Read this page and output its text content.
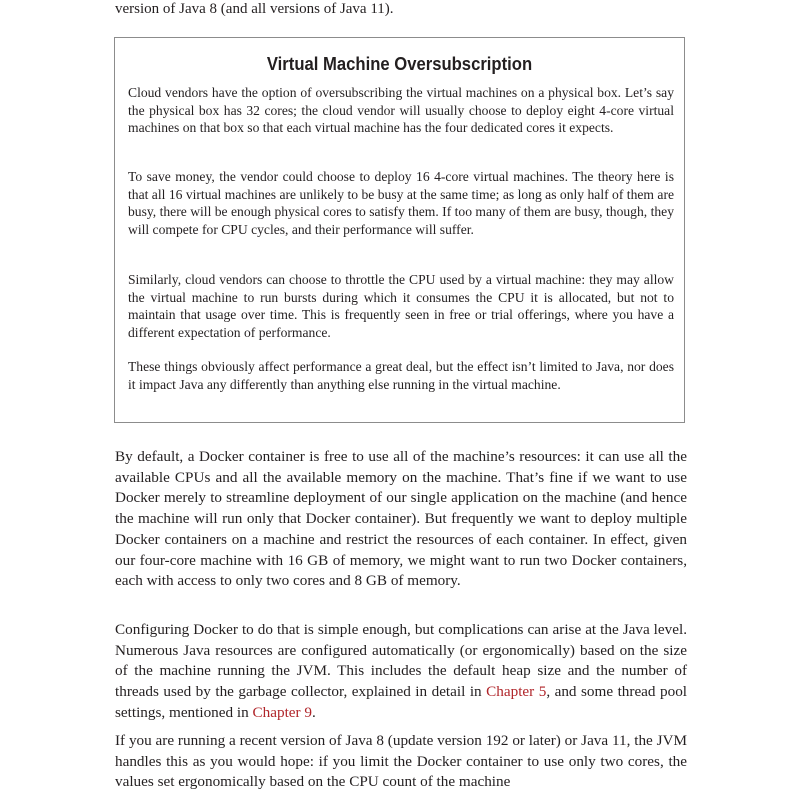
version of Java 8 (and all versions of Java 11).

Virtual Machine Oversubscription

Cloud vendors have the option of oversubscribing the virtual machines on a physical box. Let’s say the physical box has 32 cores; the cloud vendor will usually choose to deploy eight 4-core virtual machines on that box so that each virtual machine has the four dedicated cores it expects.

To save money, the vendor could choose to deploy 16 4-core virtual machines. The theory here is that all 16 virtual machines are unlikely to be busy at the same time; as long as only half of them are busy, there will be enough physical cores to satisfy them. If too many of them are busy, though, they will compete for CPU cycles, and their performance will suffer.

Similarly, cloud vendors can choose to throttle the CPU used by a virtual machine: they may allow the virtual machine to run bursts during which it consumes the CPU it is allocated, but not to maintain that usage over time. This is frequently seen in free or trial offerings, where you have a different expectation of performance.

These things obviously affect performance a great deal, but the effect isn’t limited to Java, nor does it impact Java any differently than anything else running in the virtual machine.

By default, a Docker container is free to use all of the machine’s resources: it can use all the available CPUs and all the available memory on the machine. That’s fine if we want to use Docker merely to streamline deployment of our single application on the machine (and hence the machine will run only that Docker container). But frequently we want to deploy multiple Docker containers on a machine and restrict the resources of each container. In effect, given our four-core machine with 16 GB of memory, we might want to run two Docker containers, each with access to only two cores and 8 GB of memory.

Configuring Docker to do that is simple enough, but complications can arise at the Java level. Numerous Java resources are configured automatically (or ergonomically) based on the size of the machine running the JVM. This includes the default heap size and the number of threads used by the garbage collector, explained in detail in Chapter 5, and some thread pool settings, mentioned in Chapter 9.

If you are running a recent version of Java 8 (update version 192 or later) or Java 11, the JVM handles this as you would hope: if you limit the Docker container to use only two cores, the values set ergonomically based on the CPU count of the machine
